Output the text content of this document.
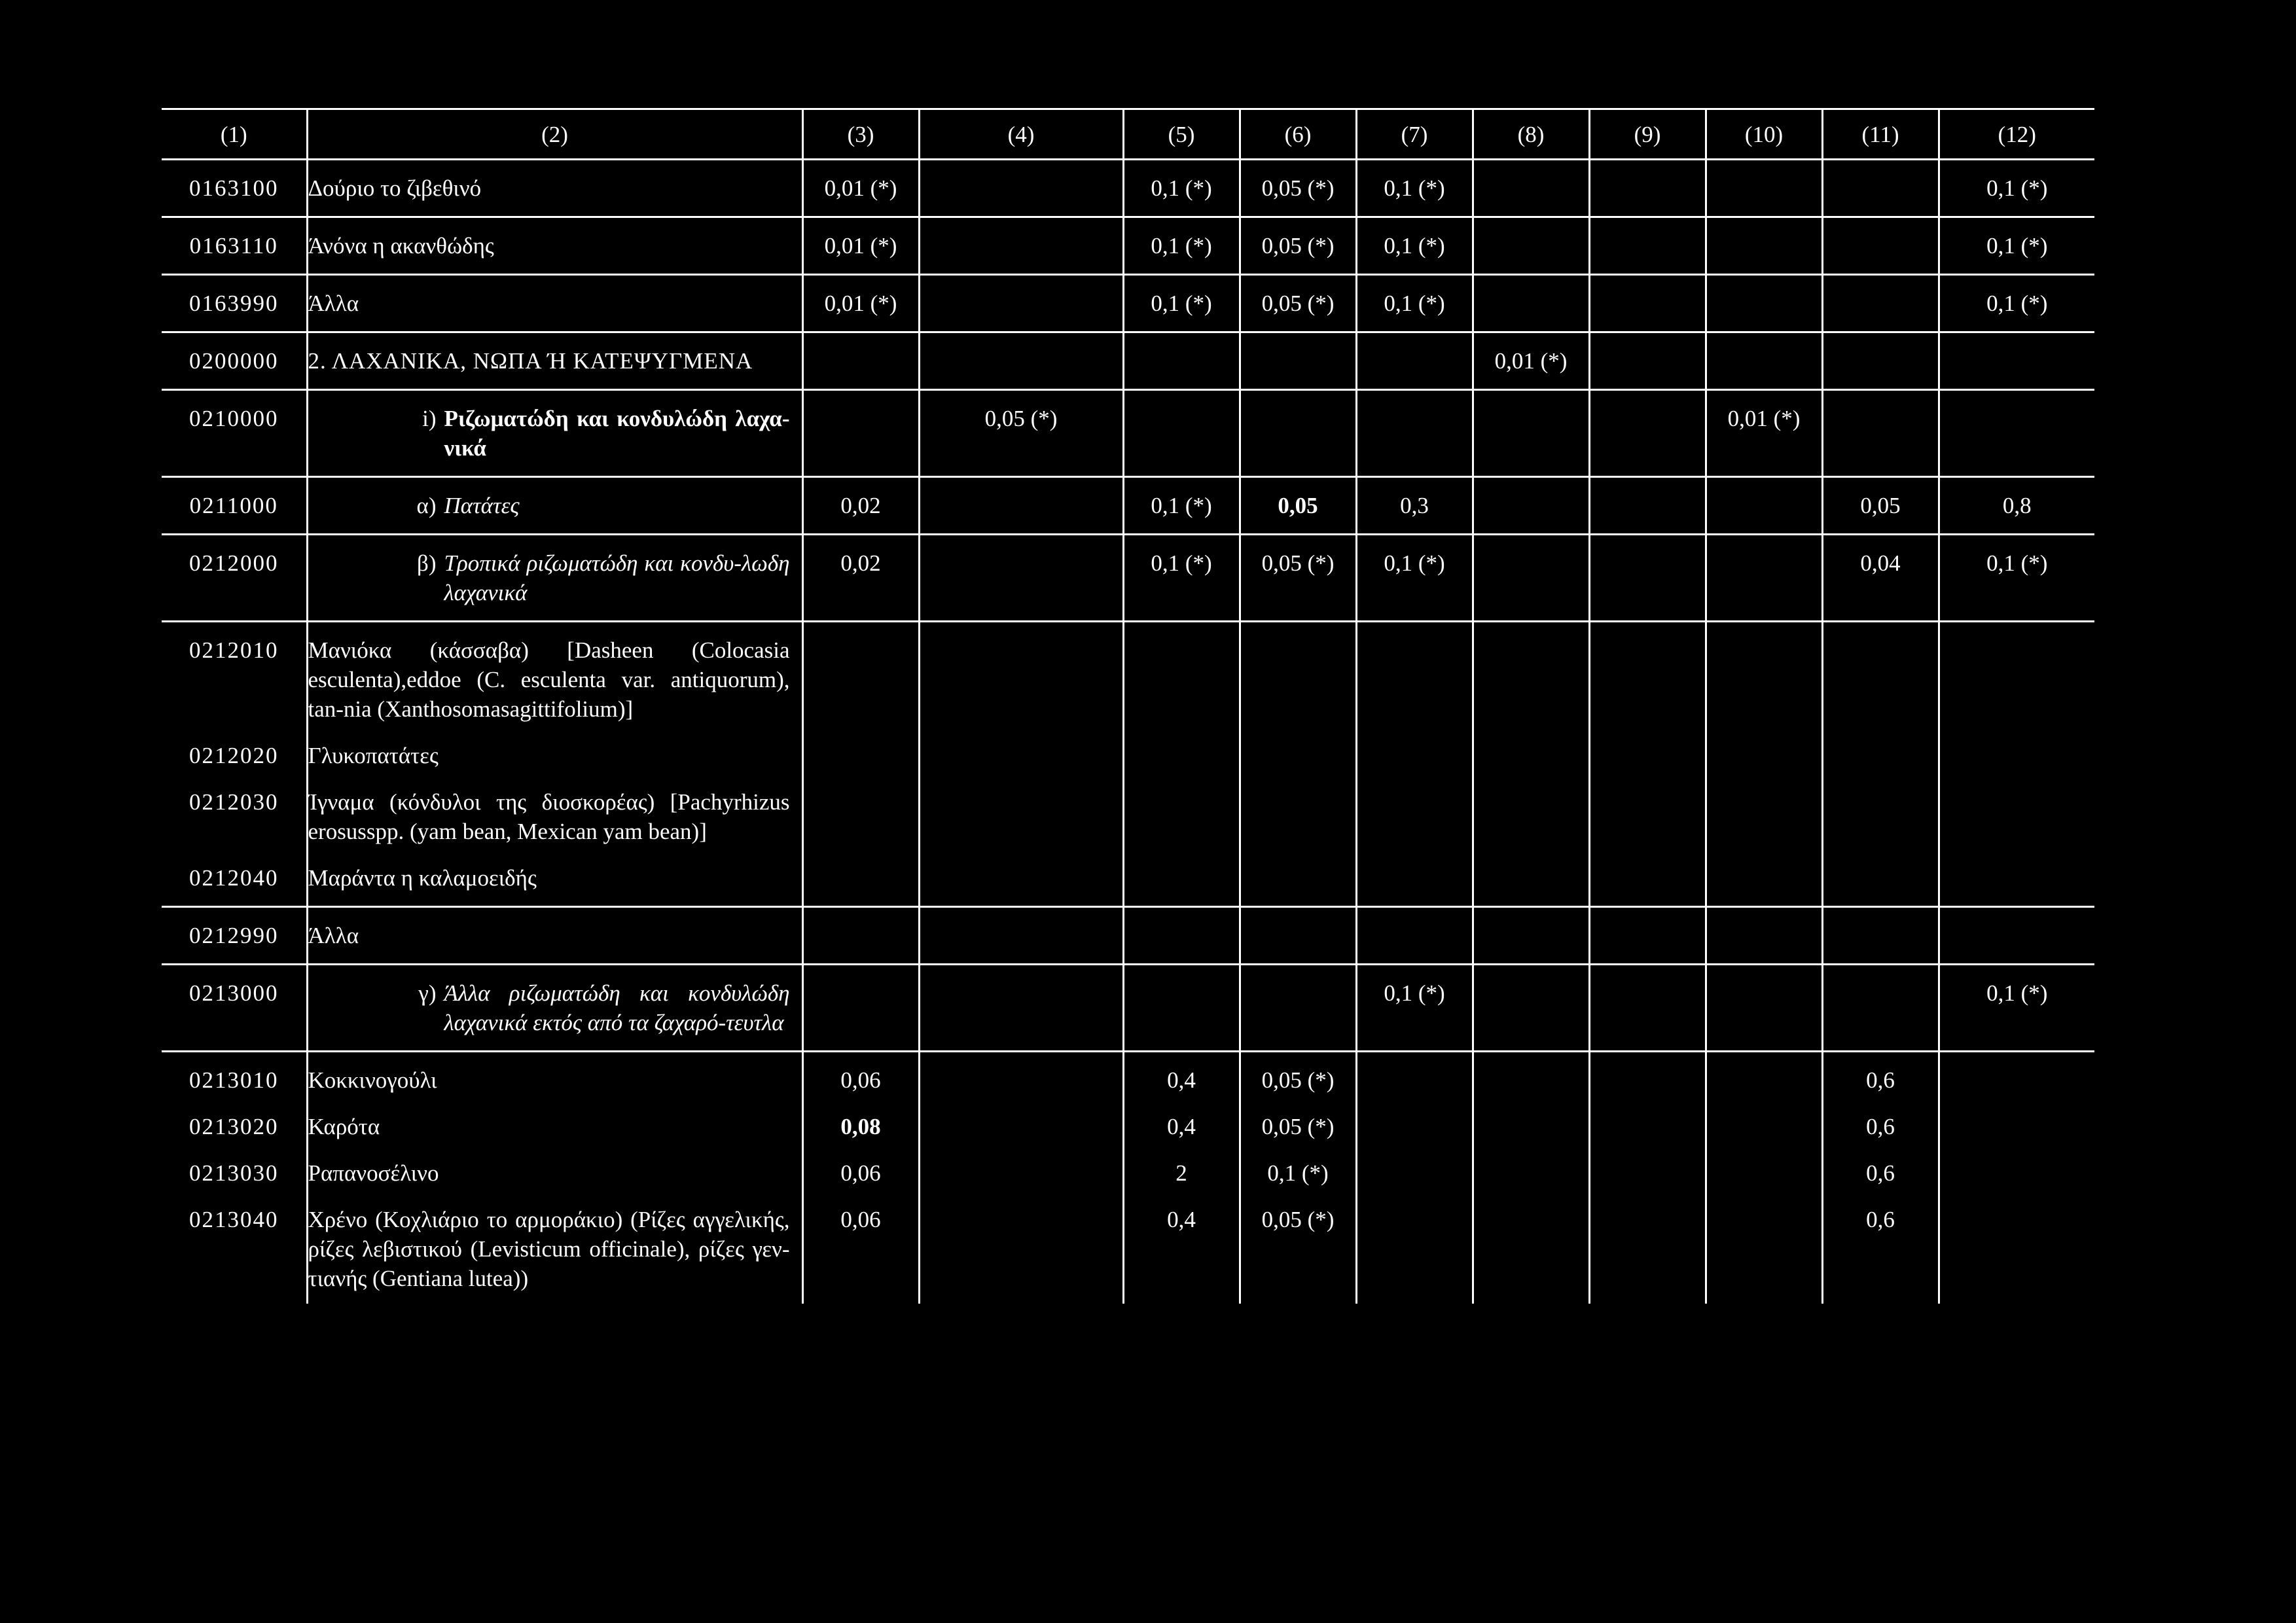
(1)	(2)	(3)	(4)	(5)	(6)	(7)	(8)	(9)	(10)	(11)	(12)
0163100	Δούριο το ζιβεθινό	0,01 (*)		0,1 (*)	0,05 (*)	0,1 (*)					0,1 (*)
0163110	Άνόνα η ακανθώδης	0,01 (*)		0,1 (*)	0,05 (*)	0,1 (*)					0,1 (*)
0163990	Άλλα	0,01 (*)		0,1 (*)	0,05 (*)	0,1 (*)					0,1 (*)
0200000	2. ΛΑΧΑΝΙΚΑ, ΝΩΠΑ Ή ΚΑΤΕΨΥΓΜΕΝΑ						0,01 (*)				
0210000	i) Ριζωματώδη και κονδυλώδη λαχα-νικά		0,05 (*)						0,01 (*)		
0211000	α) Πατάτες	0,02		0,1 (*)	0,05	0,3				0,05	0,8
0212000	β) Τροπικά ριζωματώδη και κονδυ-λωδη λαχανικά	0,02		0,1 (*)	0,05 (*)	0,1 (*)				0,04	0,1 (*)
0212010	Μανιόκα (κάσσαβα) [Dasheen (Colocasia esculenta),eddoe (C. esculenta var. antiquorum), tan-nia (Xanthosomasagittifolium)]										
0212020	Γλυκοπατάτες										
0212030	Ίγναμα (κόνδυλοι της διοσκορέας) [Pachyrhizus erosusspp. (yam bean, Mexican yam bean)]										
0212040	Μαράντα η καλαμοειδής										
0212990	Άλλα										
0213000	γ) Άλλα ριζωματώδη και κονδυλώδη λαχανικά εκτός από τα ζαχαρό-τευτλα					0,1 (*)					0,1 (*)
0213010	Κοκκινογούλι	0,06		0,4	0,05 (*)					0,6	
0213020	Καρότα	0,08		0,4	0,05 (*)					0,6	
0213030	Ραπανοσέλινο	0,06		2	0,1 (*)					0,6	
0213040	Χρένο (Κοχλιάριο το αρμοράκιο) (Ρίζες αγγελικής, ρίζες λεβιστικού (Levisticum officinale), ρίζες γεν-τιανής (Gentiana lutea))	0,06		0,4	0,05 (*)					0,6	
